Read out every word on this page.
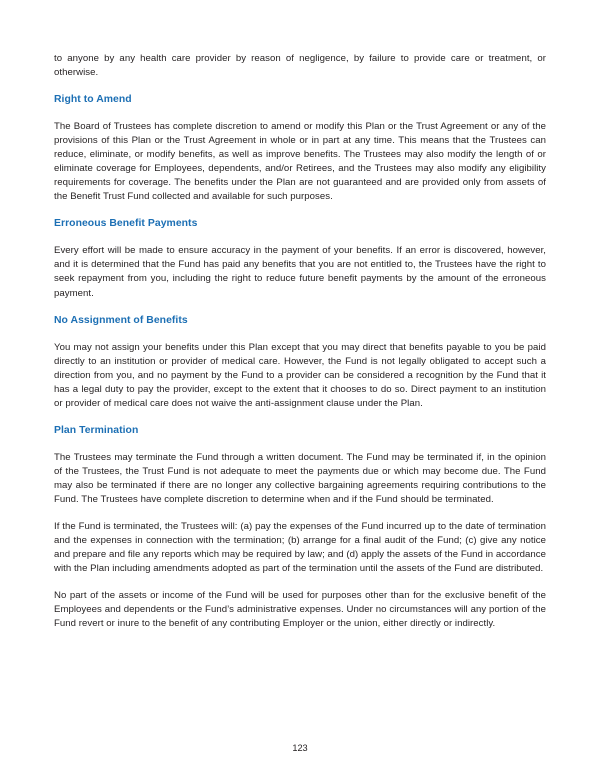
to anyone by any health care provider by reason of negligence, by failure to provide care or treatment, or otherwise.

Right to Amend

The Board of Trustees has complete discretion to amend or modify this Plan or the Trust Agreement or any of the provisions of this Plan or the Trust Agreement in whole or in part at any time. This means that the Trustees can reduce, eliminate, or modify benefits, as well as improve benefits. The Trustees may also modify the length of or eliminate coverage for Employees, dependents, and/or Retirees, and the Trustees may also modify any eligibility requirements for coverage. The benefits under the Plan are not guaranteed and are provided only from assets of the Benefit Trust Fund collected and available for such purposes.

Erroneous Benefit Payments

Every effort will be made to ensure accuracy in the payment of your benefits. If an error is discovered, however, and it is determined that the Fund has paid any benefits that you are not entitled to, the Trustees have the right to seek repayment from you, including the right to reduce future benefit payments by the amount of the erroneous payment.

No Assignment of Benefits

You may not assign your benefits under this Plan except that you may direct that benefits payable to you be paid directly to an institution or provider of medical care. However, the Fund is not legally obligated to accept such a direction from you, and no payment by the Fund to a provider can be considered a recognition by the Fund that it has a legal duty to pay the provider, except to the extent that it chooses to do so. Direct payment to an institution or provider of medical care does not waive the anti-assignment clause under the Plan.

Plan Termination

The Trustees may terminate the Fund through a written document. The Fund may be terminated if, in the opinion of the Trustees, the Trust Fund is not adequate to meet the payments due or which may become due. The Fund may also be terminated if there are no longer any collective bargaining agreements requiring contributions to the Fund. The Trustees have complete discretion to determine when and if the Fund should be terminated.

If the Fund is terminated, the Trustees will: (a) pay the expenses of the Fund incurred up to the date of termination and the expenses in connection with the termination; (b) arrange for a final audit of the Fund; (c) give any notice and prepare and file any reports which may be required by law; and (d) apply the assets of the Fund in accordance with the Plan including amendments adopted as part of the termination until the assets of the Fund are distributed.

No part of the assets or income of the Fund will be used for purposes other than for the exclusive benefit of the Employees and dependents or the Fund’s administrative expenses. Under no circumstances will any portion of the Fund revert or inure to the benefit of any contributing Employer or the union, either directly or indirectly.

123
